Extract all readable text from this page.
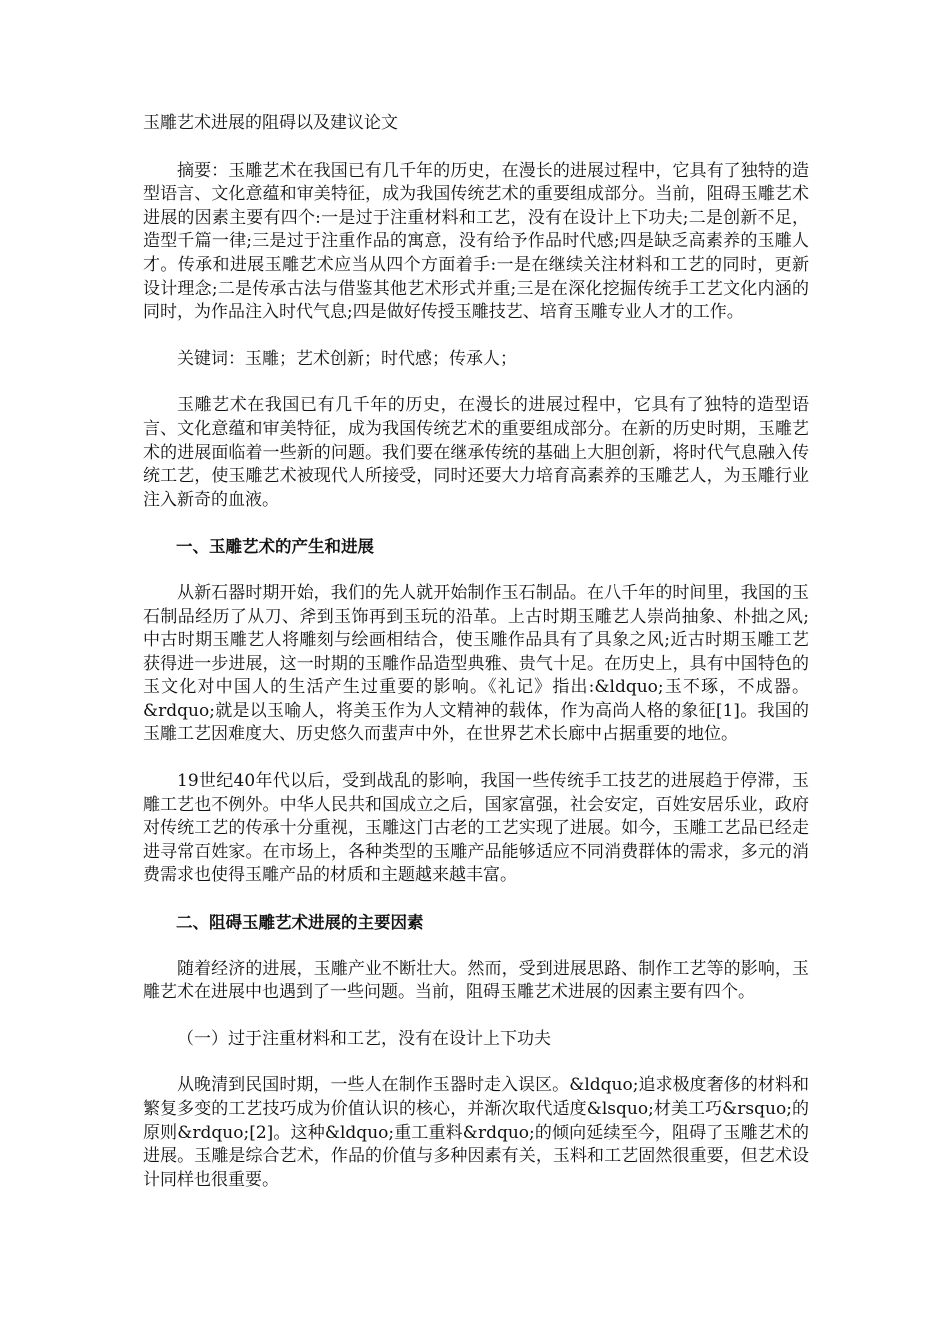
玉雕艺术进展的阻碍以及建议论文

摘要：玉雕艺术在我国已有几千年的历史，在漫长的进展过程中，它具有了独特的造型语言、文化意蕴和审美特征，成为我国传统艺术的重要组成部分。当前，阻碍玉雕艺术进展的因素主要有四个:一是过于注重材料和工艺，没有在设计上下功夫;二是创新不足，造型千篇一律;三是过于注重作品的寓意，没有给予作品时代感;四是缺乏高素养的玉雕人才。传承和进展玉雕艺术应当从四个方面着手:一是在继续关注材料和工艺的同时，更新设计理念;二是传承古法与借鉴其他艺术形式并重;三是在深化挖掘传统手工艺文化内涵的同时，为作品注入时代气息;四是做好传授玉雕技艺、培育玉雕专业人才的工作。

关键词：玉雕；艺术创新；时代感；传承人；

玉雕艺术在我国已有几千年的历史，在漫长的进展过程中，它具有了独特的造型语言、文化意蕴和审美特征，成为我国传统艺术的重要组成部分。在新的历史时期，玉雕艺术的进展面临着一些新的问题。我们要在继承传统的基础上大胆创新，将时代气息融入传统工艺，使玉雕艺术被现代人所接受，同时还要大力培育高素养的玉雕艺人，为玉雕行业注入新奇的血液。

一、玉雕艺术的产生和进展

从新石器时期开始，我们的先人就开始制作玉石制品。在八千年的时间里，我国的玉石制品经历了从刀、斧到玉饰再到玉玩的沿革。上古时期玉雕艺人崇尚抽象、朴拙之风;中古时期玉雕艺人将雕刻与绘画相结合，使玉雕作品具有了具象之风;近古时期玉雕工艺获得进一步进展，这一时期的玉雕作品造型典雅、贵气十足。在历史上，具有中国特色的玉文化对中国人的生活产生过重要的影响。《礼记》指出:&ldquo;玉不琢，不成器。&rdquo;就是以玉喻人，将美玉作为人文精神的载体，作为高尚人格的象征[1]。我国的玉雕工艺因难度大、历史悠久而蜚声中外，在世界艺术长廊中占据重要的地位。

19世纪40年代以后，受到战乱的影响，我国一些传统手工技艺的进展趋于停滞，玉雕工艺也不例外。中华人民共和国成立之后，国家富强，社会安定，百姓安居乐业，政府对传统工艺的传承十分重视，玉雕这门古老的工艺实现了进展。如今，玉雕工艺品已经走进寻常百姓家。在市场上，各种类型的玉雕产品能够适应不同消费群体的需求，多元的消费需求也使得玉雕产品的材质和主题越来越丰富。

二、阻碍玉雕艺术进展的主要因素

随着经济的进展，玉雕产业不断壮大。然而，受到进展思路、制作工艺等的影响，玉雕艺术在进展中也遇到了一些问题。当前，阻碍玉雕艺术进展的因素主要有四个。

（一）过于注重材料和工艺，没有在设计上下功夫

从晚清到民国时期，一些人在制作玉器时走入误区。&ldquo;追求极度奢侈的材料和繁复多变的工艺技巧成为价值认识的核心，并渐次取代适度&lsquo;材美工巧&rsquo;的原则&rdquo;[2]。这种&ldquo;重工重料&rdquo;的倾向延续至今，阻碍了玉雕艺术的进展。玉雕是综合艺术，作品的价值与多种因素有关，玉料和工艺固然很重要，但艺术设计同样也很重要。
